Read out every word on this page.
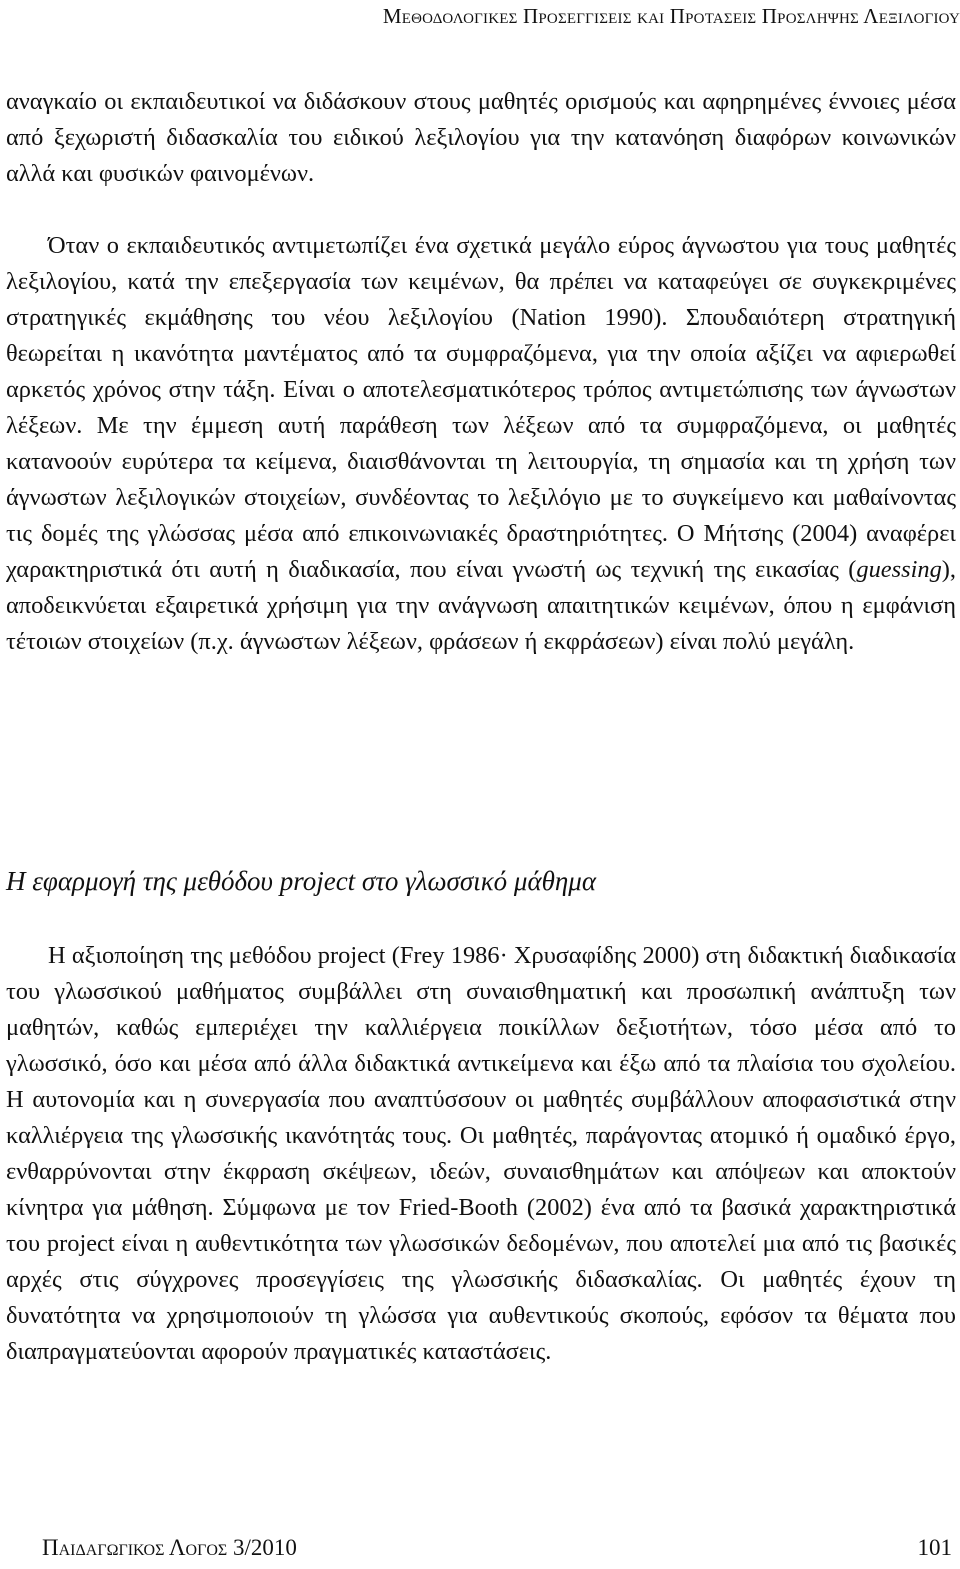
Μεθοδολογικες Προσεγγισεις και Προτασεις Προσληψης Λεξιλογιου

αναγκαίο οι εκπαιδευτικοί να διδάσκουν στους μαθητές ορισμούς και αφηρημένες έννοιες μέσα από ξεχωριστή διδασκαλία του ειδικού λεξιλογίου για την κατανόηση διαφόρων κοινωνικών αλλά και φυσικών φαινομένων.

Όταν ο εκπαιδευτικός αντιμετωπίζει ένα σχετικά μεγάλο εύρος άγνωστου για τους μαθητές λεξιλογίου, κατά την επεξεργασία των κειμένων, θα πρέπει να καταφεύγει σε συγκεκριμένες στρατηγικές εκμάθησης του νέου λεξιλογίου (Nation 1990). Σπουδαιότερη στρατηγική θεωρείται η ικανότητα μαντέματος από τα συμφραζόμενα, για την οποία αξίζει να αφιερωθεί αρκετός χρόνος στην τάξη. Είναι ο αποτελεσματικότερος τρόπος αντιμετώπισης των άγνωστων λέξεων. Με την έμμεση αυτή παράθεση των λέξεων από τα συμφραζόμενα, οι μαθητές κατανοούν ευρύτερα τα κείμενα, διαισθάνονται τη λειτουργία, τη σημασία και τη χρήση των άγνωστων λεξιλογικών στοιχείων, συνδέοντας το λεξιλόγιο με το συγκείμενο και μαθαίνοντας τις δομές της γλώσσας μέσα από επικοινωνιακές δραστηριότητες. Ο Μήτσης (2004) αναφέρει χαρακτηριστικά ότι αυτή η διαδικασία, που είναι γνωστή ως τεχνική της εικασίας (guessing), αποδεικνύεται εξαιρετικά χρήσιμη για την ανάγνωση απαιτητικών κειμένων, όπου η εμφάνιση τέτοιων στοιχείων (π.χ. άγνωστων λέξεων, φράσεων ή εκφράσεων) είναι πολύ μεγάλη.

Η εφαρμογή της μεθόδου project στο γλωσσικό μάθημα

Η αξιοποίηση της μεθόδου project (Frey 1986· Χρυσαφίδης 2000) στη διδακτική διαδικασία του γλωσσικού μαθήματος συμβάλλει στη συναισθηματική και προσωπική ανάπτυξη των μαθητών, καθώς εμπεριέχει την καλλιέργεια ποικίλλων δεξιοτήτων, τόσο μέσα από το γλωσσικό, όσο και μέσα από άλλα διδακτικά αντικείμενα και έξω από τα πλαίσια του σχολείου. Η αυτονομία και η συνεργασία που αναπτύσσουν οι μαθητές συμβάλλουν αποφασιστικά στην καλλιέργεια της γλωσσικής ικανότητάς τους. Οι μαθητές, παράγοντας ατομικό ή ομαδικό έργο, ενθαρρύνονται στην έκφραση σκέψεων, ιδεών, συναισθημάτων και απόψεων και αποκτούν κίνητρα για μάθηση. Σύμφωνα με τον Fried-Booth (2002) ένα από τα βασικά χαρακτηριστικά του project είναι η αυθεντικότητα των γλωσσικών δεδομένων, που αποτελεί μια από τις βασικές αρχές στις σύγχρονες προσεγγίσεις της γλωσσικής διδασκαλίας. Οι μαθητές έχουν τη δυνατότητα να χρησιμοποιούν τη γλώσσα για αυθεντικούς σκοπούς, εφόσον τα θέματα που διαπραγματεύονται αφορούν πραγματικές καταστάσεις.

Παιδαγωγικος Λογος 3/2010	101
